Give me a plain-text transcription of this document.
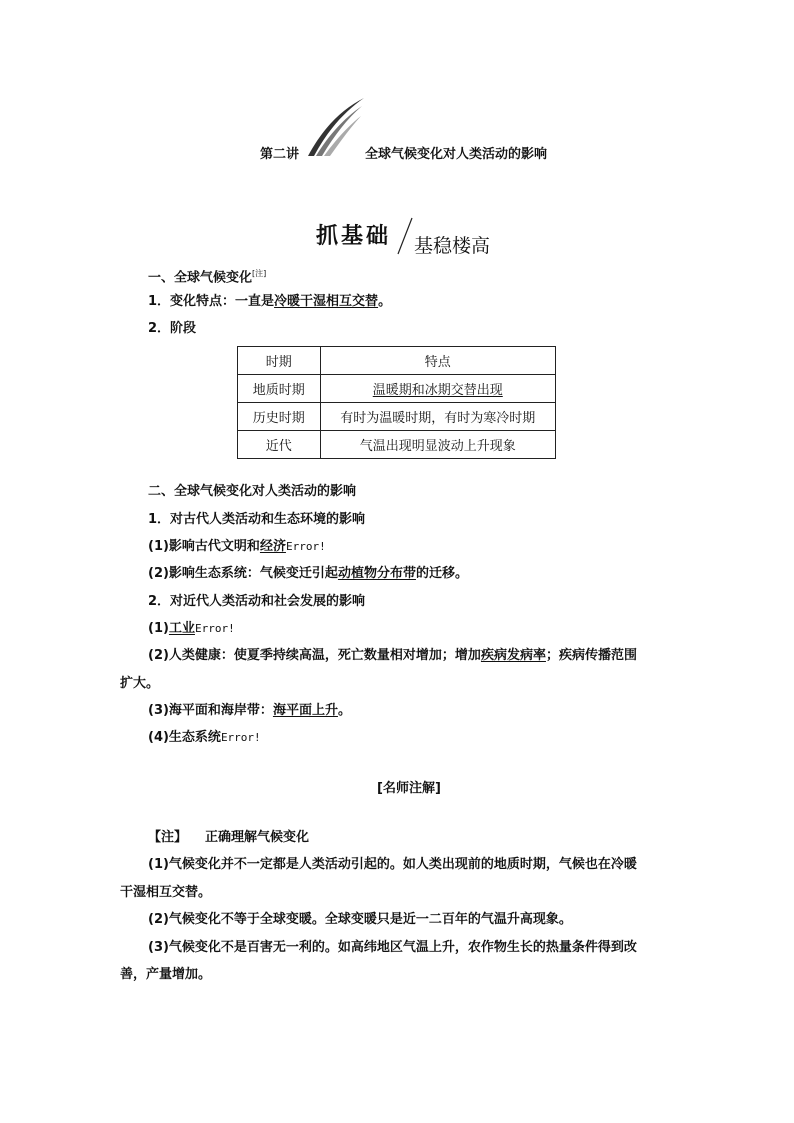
第二讲	全球气候变化对人类活动的影响
抓基础 基稳楼高
一、全球气候变化[注]
1．变化特点：一直是冷暖干湿相互交替。
2．阶段
时期	特点
地质时期	温暖期和冰期交替出现
历史时期	有时为温暖时期，有时为寒冷时期
近代	气温出现明显波动上升现象
二、全球气候变化对人类活动的影响
1．对古代人类活动和生态环境的影响
(1)影响古代文明和经济Error!
(2)影响生态系统：气候变迁引起动植物分布带的迁移。
2．对近代人类活动和社会发展的影响
(1)工业Error!
(2)人类健康：使夏季持续高温，死亡数量相对增加；增加疾病发病率；疾病传播范围
扩大。
(3)海平面和海岸带：海平面上升。
(4)生态系统Error!
[名师注解]
【注】 正确理解气候变化
(1)气候变化并不一定都是人类活动引起的。如人类出现前的地质时期，气候也在冷暖
干湿相互交替。
(2)气候变化不等于全球变暖。全球变暖只是近一二百年的气温升高现象。
(3)气候变化不是百害无一利的。如高纬地区气温上升，农作物生长的热量条件得到改
善，产量增加。
